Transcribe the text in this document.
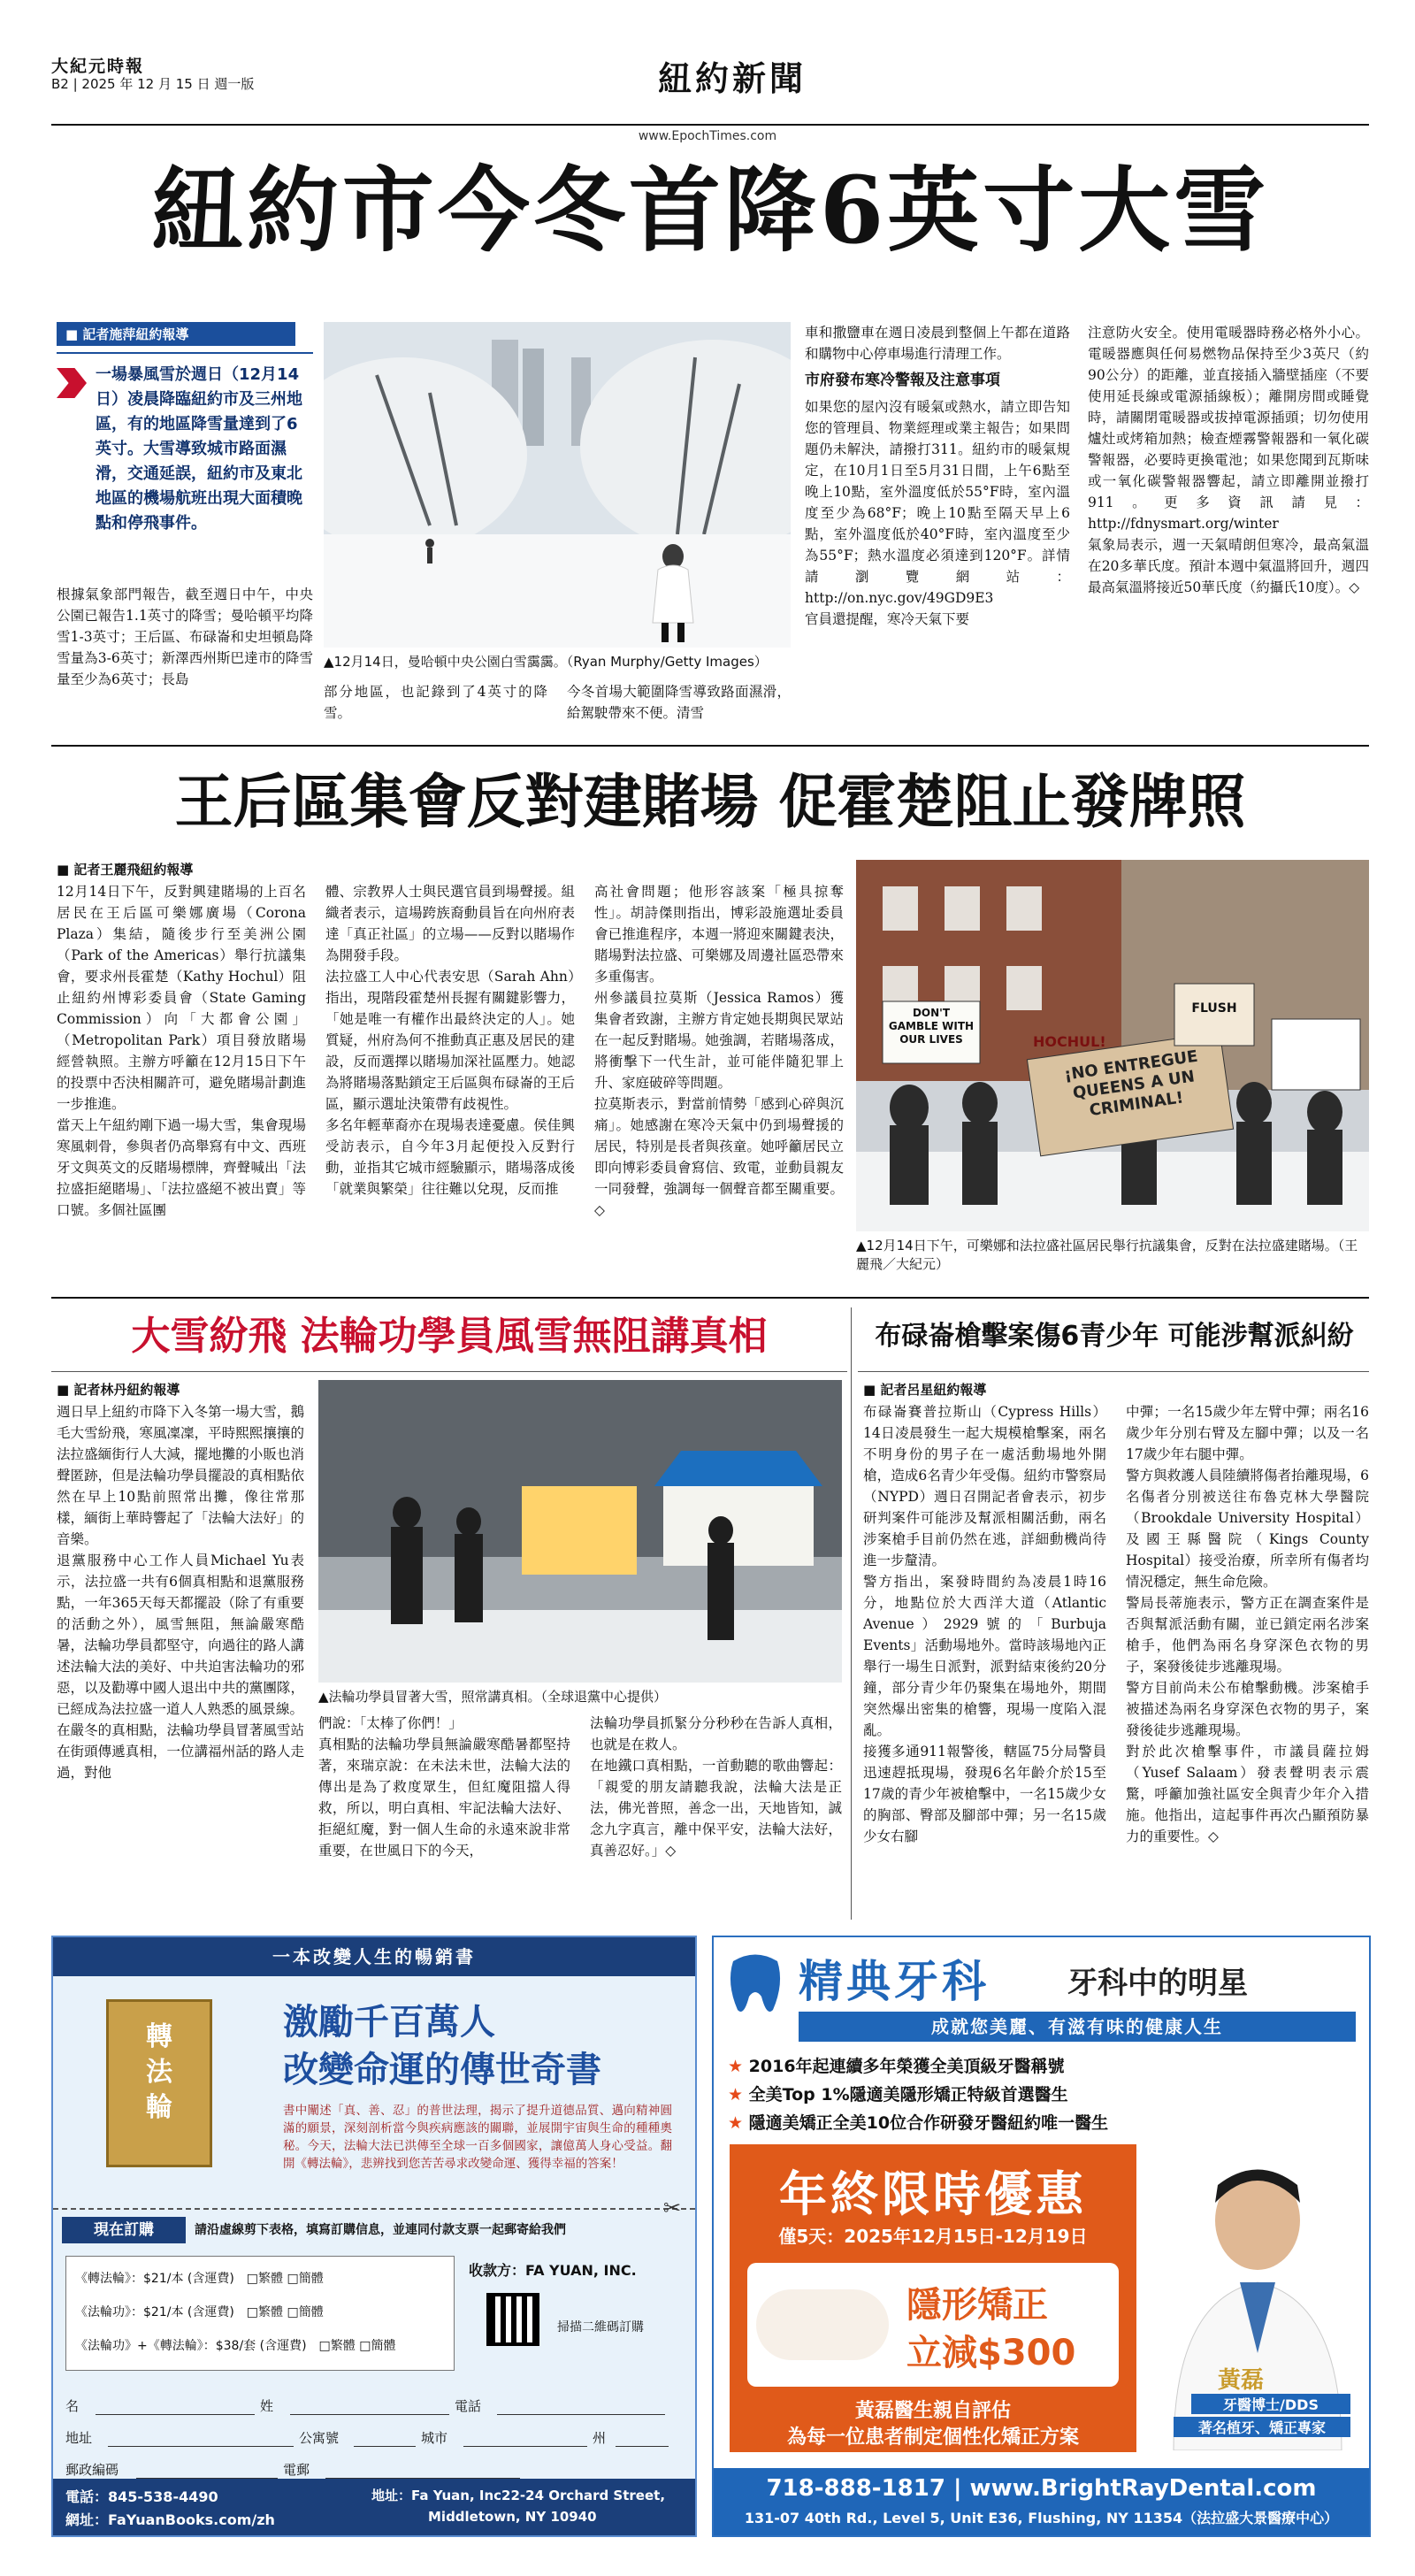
大紀元時報
B2 | 2025 年 12 月 15 日 週一版	紐約新聞
www.EpochTimes.com
紐約市今冬首降6英寸大雪
■ 記者施萍紐約報導

一場暴風雪於週日（12月14日）凌晨降臨紐約市及三州地區，有的地區降雪量達到了6英寸。大雪導致城市路面濕滑，交通延誤，紐約市及東北地區的機場航班出現大面積晚點和停飛事件。

根據氣象部門報告，截至週日中午，中央公園已報告1.1英寸的降雪；曼哈頓平均降雪1-3英寸；王后區、布碌崙和史坦頓島降雪量為3-6英寸；新澤西州斯巴達市的降雪量至少為6英寸；長島

▲12月14日，曼哈頓中央公園白雪靄靄。（Ryan Murphy/Getty Images）

部分地區，也記錄到了4英寸的降雪。

今冬首場大範圍降雪導致路面濕滑，給駕駛帶來不便。清雪

車和撒鹽車在週日凌晨到整個上午都在道路和購物中心停車場進行清理工作。

市府發布寒冷警報及注意事項

如果您的屋內沒有暖氣或熱水，請立即告知您的管理員、物業經理或業主報告；如果問題仍未解決，請撥打311。紐約市的暖氣規定，在10月1日至5月31日間，上午6點至晚上10點，室外溫度低於55°F時，室內溫度至少為68°F；晚上10點至隔天早上6點，室外溫度低於40°F時，室內溫度至少為55°F；熱水溫度必須達到120°F。詳情請瀏覽網站：http://on.nyc.gov/49GD9E3
官員還提醒，寒冷天氣下要

注意防火安全。使用電暖器時務必格外小心。電暖器應與任何易燃物品保持至少3英尺（約90公分）的距離，並直接插入牆壁插座（不要使用延長線或電源插線板）；離開房間或睡覺時，請關閉電暖器或拔掉電源插頭；切勿使用爐灶或烤箱加熱；檢查煙霧警報器和一氧化碳警報器，必要時更換電池；如果您聞到瓦斯味或一氧化碳警報器響起，請立即離開並撥打911。更多資訊請見：http://fdnysmart.org/winter
氣象局表示，週一天氣晴朗但寒冷，最高氣溫在20多華氏度。預計本週中氣溫將回升，週四最高氣溫將接近50華氏度（約攝氏10度）。◇

王后區集會反對建賭場 促霍楚阻止發牌照
■ 記者王麗飛紐約報導

12月14日下午，反對興建賭場的上百名居民在王后區可樂娜廣場（Corona Plaza）集結，隨後步行至美洲公園（Park of the Americas）舉行抗議集會，要求州長霍楚（Kathy Hochul）阻止紐約州博彩委員會（State Gaming Commission）向「大都會公園」（Metropolitan Park）項目發放賭場經營執照。主辦方呼籲在12月15日下午的投票中否決相關許可，避免賭場計劃進一步推進。
當天上午紐約剛下過一場大雪，集會現場寒風刺骨，參與者仍高舉寫有中文、西班牙文與英文的反賭場標牌，齊聲喊出「法拉盛拒絕賭場」、「法拉盛絕不被出賣」等口號。多個社區團

體、宗教界人士與民選官員到場聲援。組織者表示，這場跨族裔動員旨在向州府表達「真正社區」的立場——反對以賭場作為開發手段。
法拉盛工人中心代表安思（Sarah Ahn）指出，現階段霍楚州長握有關鍵影響力，「她是唯一有權作出最終決定的人」。她質疑，州府為何不推動真正惠及居民的建設，反而選擇以賭場加深社區壓力。她認為將賭場落點鎖定王后區與布碌崙的王后區，顯示選址決策帶有歧視性。
多名年輕華裔亦在現場表達憂慮。侯佳興受訪表示，自今年3月起便投入反對行動，並指其它城市經驗顯示，賭場落成後「就業與繁榮」往往難以兌現，反而推

高社會問題；他形容該案「極具掠奪性」。胡詩傑則指出，博彩設施選址委員會已推進程序，本週一將迎來關鍵表決，賭場對法拉盛、可樂娜及周邊社區恐帶來多重傷害。
州參議員拉莫斯（Jessica Ramos）獲集會者致謝，主辦方肯定她長期與民眾站在一起反對賭場。她強調，若賭場落成，將衝擊下一代生計，並可能伴隨犯罪上升、家庭破碎等問題。
拉莫斯表示，對當前情勢「感到心碎與沉痛」。她感謝在寒冷天氣中仍到場聲援的居民，特別是長者與孩童。她呼籲居民立即向博彩委員會寫信、致電，並動員親友一同發聲，強調每一個聲音都至關重要。◇

DON'T GAMBLE WITH OUR LIVES
FLUSH
¡NO ENTREGUE QUEENS A UN CRIMINAL!
HOCHUL!
▲12月14日下午，可樂娜和法拉盛社區居民舉行抗議集會，反對在法拉盛建賭場。（王麗飛／大紀元）
大雪紛飛 法輪功學員風雪無阻講真相
■ 記者林丹紐約報導

週日早上紐約市降下入冬第一場大雪，鵝毛大雪紛飛，寒風凜凜，平時熙熙攘攘的法拉盛緬街行人大減，擺地攤的小販也消聲匿跡，但是法輪功學員擺設的真相點依然在早上10點前照常出攤，像往常那樣，緬街上華時響起了「法輪大法好」的音樂。
退黨服務中心工作人員Michael Yu表示，法拉盛一共有6個真相點和退黨服務點，一年365天每天都擺設（除了有重要的活動之外），風雪無阻，無論嚴寒酷暑，法輪功學員都堅守，向過往的路人講述法輪大法的美好、中共迫害法輪功的邪惡，以及勸導中國人退出中共的黨團隊，已經成為法拉盛一道人人熟悉的風景線。
在嚴冬的真相點，法輪功學員冒著風雪站在街頭傳遞真相，一位講福州話的路人走過，對他

▲法輪功學員冒著大雪，照常講真相。（全球退黨中心提供）

們說：「太棒了你們！」
真相點的法輪功學員無論嚴寒酷暑都堅持著，來瑞京說：在未法未世，法輪大法的傳出是為了救度眾生，但紅魔阻擋人得救，所以，明白真相、牢記法輪大法好、拒絕紅魔，對一個人生命的永遠來說非常重要，在世風日下的今天，

法輪功學員抓緊分分秒秒在告訴人真相，也就是在救人。
在地鐵口真相點，一首動聽的歌曲響起：「親愛的朋友請聽我說，法輪大法是正法，佛光普照，善念一出，天地皆知，誠念九字真言，離中保平安，法輪大法好，真善忍好。」◇

布碌崙槍擊案傷6青少年 可能涉幫派糾紛
■ 記者呂星紐約報導

布碌崙賽普拉斯山（Cypress Hills）14日凌晨發生一起大規模槍擊案，兩名不明身份的男子在一處活動場地外開槍，造成6名青少年受傷。紐約市警察局（NYPD）週日召開記者會表示，初步研判案件可能涉及幫派相關活動，兩名涉案槍手目前仍然在逃，詳細動機尚待進一步釐清。
警方指出，案發時間約為凌晨1時16分，地點位於大西洋大道（Atlantic Avenue）2929號的「Burbuja Events」活動場地外。當時該場地內正舉行一場生日派對，派對結束後約20分鐘，部分青少年仍聚集在場地外，期間突然爆出密集的槍響，現場一度陷入混亂。
接獲多通911報警後，轄區75分局警員迅速趕抵現場，發現6名年齡介於15至17歲的青少年被槍擊中，一名15歲少女的胸部、臀部及腳部中彈；另一名15歲少女右腳

中彈；一名15歲少年左臂中彈；兩名16歲少年分別右臂及左腳中彈；以及一名17歲少年右腿中彈。
警方與救護人員陸續將傷者抬離現場，6名傷者分別被送往布魯克林大學醫院（Brookdale University Hospital）及國王縣醫院（Kings County Hospital）接受治療，所幸所有傷者均情況穩定，無生命危險。
警局長蒂施表示，警方正在調查案件是否與幫派活動有關，並已鎖定兩名涉案槍手，他們為兩名身穿深色衣物的男子，案發後徒步逃離現場。
警方目前尚未公布槍擊動機。涉案槍手被描述為兩名身穿深色衣物的男子，案發後徒步逃離現場。
對於此次槍擊事件，市議員薩拉姆（Yusef Salaam）發表聲明表示震驚，呼籲加強社區安全與青少年介入措施。他指出，這起事件再次凸顯預防暴力的重要性。◇

一本改變人生的暢銷書
轉法輪
激勵千百萬人
改變命運的傳世奇書
書中闡述「真、善、忍」的普世法理，揭示了提升道德品質、邁向精神圓滿的願景，深刻剖析當今與疾病應該的關聯，並展開宇宙與生命的種種奧秘。今天，法輪大法已洪傳至全球一百多個國家，讓億萬人身心受益。翻開《轉法輪》，悲辨找到您苦苦尋求改變命運、獲得幸福的答案！
✂
現在訂購	請沿虛線剪下表格，填寫訂購信息，並連同付款支票一起郵寄給我們
《轉法輪》：$21/本 (含運費)　□繁體 □簡體
《法輪功》：$21/本 (含運費)　□繁體 □簡體
《法輪功》+《轉法輪》：$38/套 (含運費)　□繁體 □簡體
收款方：FA YUAN, INC.
掃描二維碼訂購
名	姓	電話
地址	公寓號	城市	州
郵政編碼	電郵
電話：845-538-4490
網址：FaYuanBooks.com/zh
地址：Fa Yuan, Inc22-24 Orchard Street,
Middletown, NY 10940
精典牙科	牙科中的明星
成就您美麗、有滋有味的健康人生
★ 2016年起連續多年榮獲全美頂級牙醫稱號
★ 全美Top 1%隱適美隱形矯正特級首選醫生
★ 隱適美矯正全美10位合作研發牙醫紐約唯一醫生
年終限時優惠
僅5天：2025年12月15日-12月19日
隱形矯正
立減$300
黃磊醫生親自評估
為每一位患者制定個性化矯正方案
黃磊
牙醫博士/DDS
著名植牙、矯正專家
718-888-1817 | www.BrightRayDental.com
131-07 40th Rd., Level 5, Unit E36, Flushing, NY 11354（法拉盛大景醫療中心）
